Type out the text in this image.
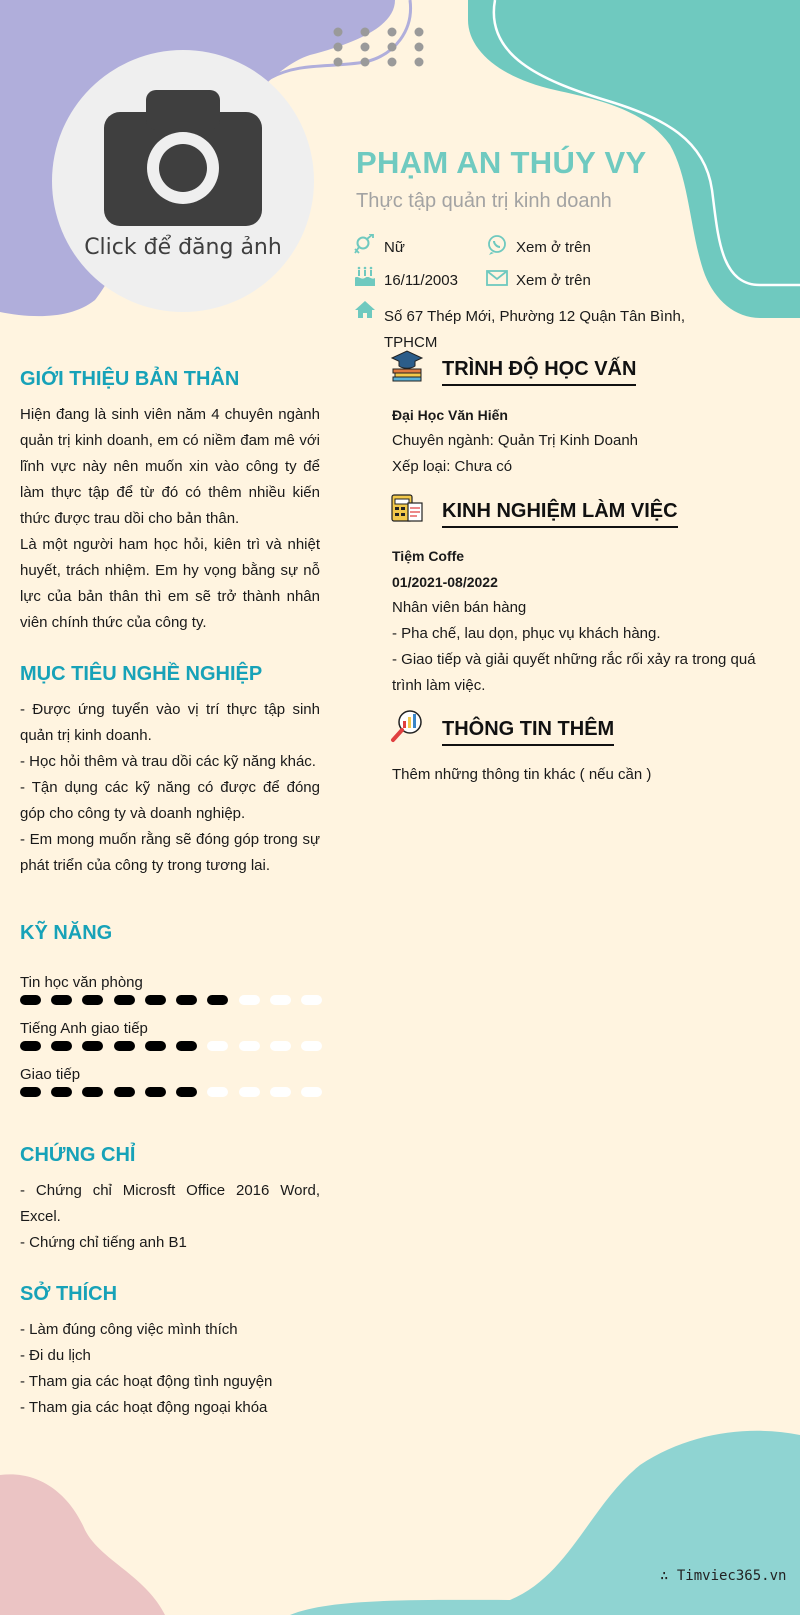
Click để đăng ảnh
PHẠM AN THÚY VY
Thực tập quản trị kinh doanh
Nữ	Xem ở trên
16/11/2003	Xem ở trên
Số 67 Thép Mới, Phường 12 Quận Tân Bình,
TPHCM
GIỚI THIỆU BẢN THÂN

Hiện đang là sinh viên năm 4 chuyên ngành quản trị kinh doanh, em có niềm đam mê với lĩnh vực này nên muốn xin vào công ty để làm thực tập để từ đó có thêm nhiều kiến thức được trau dồi cho bản thân.

Là một người ham học hỏi, kiên trì và nhiệt huyết, trách nhiệm. Em hy vọng bằng sự nỗ lực của bản thân thì em sẽ trở thành nhân viên chính thức của công ty.

MỤC TIÊU NGHỀ NGHIỆP

- Được ứng tuyển vào vị trí thực tập sinh quản trị kinh doanh.

- Học hỏi thêm và trau dồi các kỹ năng khác.

- Tận dụng các kỹ năng có được để đóng góp cho công ty và doanh nghiệp.

- Em mong muốn rằng sẽ đóng góp trong sự phát triển của công ty trong tương lai.

KỸ NĂNG
Tin học văn phòng
Tiếng Anh giao tiếp
Giao tiếp
CHỨNG CHỈ

- Chứng chỉ Microsft Office 2016 Word, Excel.

- Chứng chỉ tiếng anh B1

SỞ THÍCH

- Làm đúng công việc mình thích

- Đi du lịch

- Tham gia các hoạt động tình nguyện

- Tham gia các hoạt động ngoại khóa

TRÌNH ĐỘ HỌC VẤN

Đại Học Văn Hiến

Chuyên ngành: Quản Trị Kinh Doanh

Xếp loại: Chưa có

KINH NGHIỆM LÀM VIỆC

Tiệm Coffe

01/2021-08/2022

Nhân viên bán hàng

- Pha chế, lau dọn, phục vụ khách hàng.

- Giao tiếp và giải quyết những rắc rối xảy ra trong quá trình làm việc.

THÔNG TIN THÊM
Thêm những thông tin khác ( nếu cần )
∴ Timviec365.vn
